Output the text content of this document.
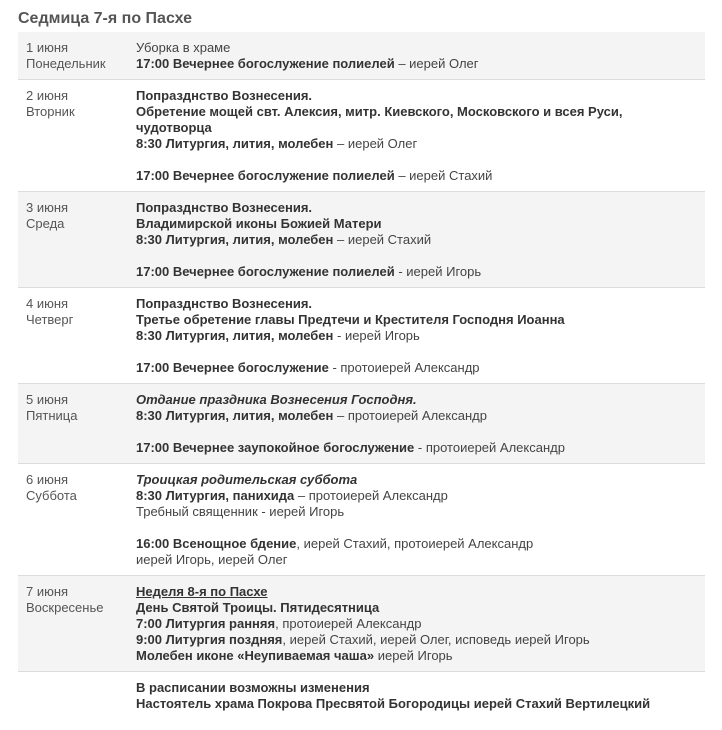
Седмица 7-я по Пасхе
1 июня
Понедельник	Уборка в храме
17:00 Вечернее богослужение полиелей – иерей Олег

2 июня
Вторник	Попразднство Вознесения.
Обретение мощей свт. Алексия, митр. Киевского, Московского и всея Руси, чудотворца
8:30 Литургия, лития, молебен – иерей Олег
17:00 Вечернее богослужение полиелей – иерей Стахий

3 июня
Среда	Попразднство Вознесения.
Владимирской иконы Божией Матери
8:30 Литургия, лития, молебен – иерей Стахий
17:00 Вечернее богослужение полиелей - иерей Игорь

4 июня
Четверг	Попразднство Вознесения.
Третье обретение главы Предтечи и Крестителя Господня Иоанна
8:30 Литургия, лития, молебен - иерей Игорь
17:00 Вечернее богослужение - протоиерей Александр

5 июня
Пятница	Отдание праздника Вознесения Господня.
8:30 Литургия, лития, молебен – протоиерей Александр
17:00 Вечернее заупокойное богослужение - протоиерей Александр

6 июня
Суббота	Троицкая родительская суббота
8:30 Литургия, панихида – протоиерей Александр
Требный священник - иерей Игорь
16:00 Всенощное бдение, иерей Стахий, протоиерей Александр
иерей Игорь, иерей Олег

7 июня
Воскресенье	Неделя 8-я по Пасхе
День Святой Троицы. Пятидесятница
7:00 Литургия ранняя, протоиерей Александр
9:00 Литургия поздняя, иерей Стахий, иерей Олег, исповедь иерей Игорь
Молебен иконе «Неупиваемая чаша» иерей Игорь

	В расписании возможны изменения
Настоятель храма Покрова Пресвятой Богородицы иерей Стахий Вертилецкий
